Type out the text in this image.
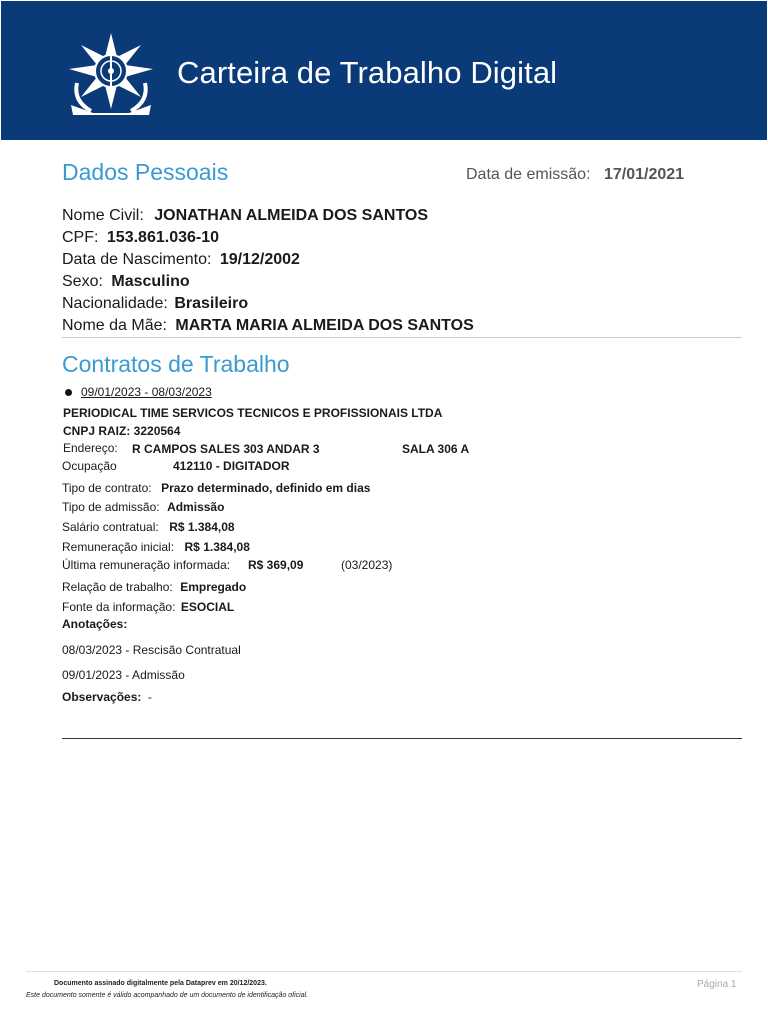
Carteira de Trabalho Digital
Dados Pessoais	Data de emissão: 17/01/2021
Nome Civil: JONATHAN ALMEIDA DOS SANTOS
CPF: 153.861.036-10
Data de Nascimento: 19/12/2002
Sexo: Masculino
Nacionalidade: Brasileiro
Nome da Mãe: MARTA MARIA ALMEIDA DOS SANTOS
Contratos de Trabalho
09/01/2023 - 08/03/2023
PERIODICAL TIME SERVICOS TECNICOS E PROFISSIONAIS LTDA
CNPJ RAIZ: 3220564
Endereço: R CAMPOS SALES 303 ANDAR 3	SALA 306 A
Ocupação	412110 - DIGITADOR
Tipo de contrato: Prazo determinado, definido em dias
Tipo de admissão: Admissão
Salário contratual: R$ 1.384,08
Remuneração inicial: R$ 1.384,08
Última remuneração informada: R$ 369,09	(03/2023)
Relação de trabalho: Empregado
Fonte da informação: ESOCIAL
Anotações:
08/03/2023 - Rescisão Contratual
09/01/2023 - Admissão
Observações: -
Documento assinado digitalmente pela Dataprev em 20/12/2023.
Este documento somente é válido acompanhado de um documento de identificação oficial.
Página 1
